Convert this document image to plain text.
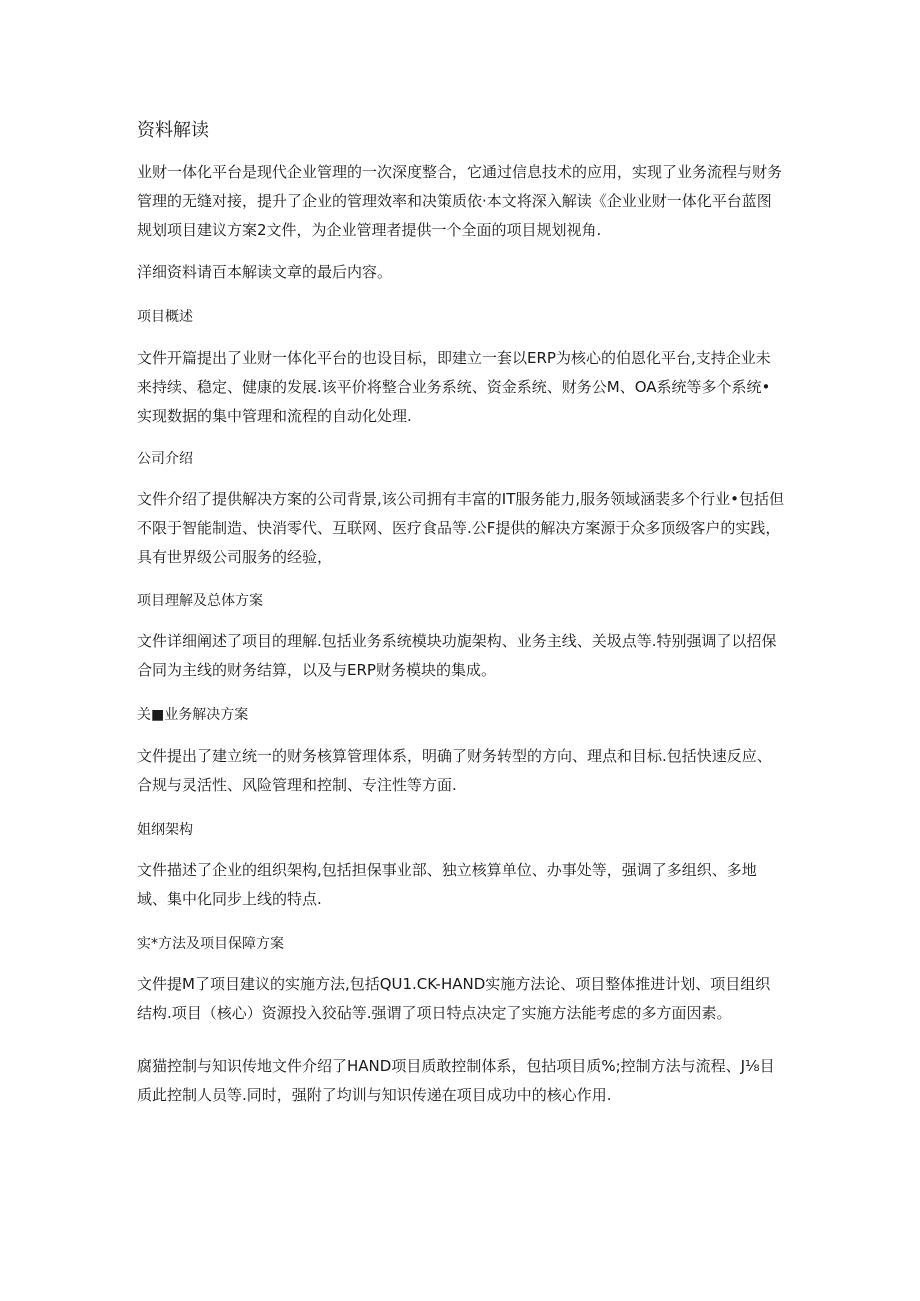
资料解读

业财一体化平台是现代企业管理的一次深度整合，它通过信息技术的应用，实现了业务流程与财务管理的无缝对接，提升了企业的管理效率和决策质依·本文将深入解读《企业业财一体化平台蓝图规划项目建议方案2文件，为企业管理者提供一个全面的项目规划视角.

洋细资料请百本解读文章的最后内容。

项目概述

文件开篇提出了业财一体化平台的也设目标，即建立一套以ERP为核心的伯恩化平台,支持企业未来持续、稳定、健康的发展.该平价将整合业务系统、资金系统、财务公M、OA系统等多个系统•实现数据的集中管理和流程的自动化处理.

公司介绍

文件介绍了提供解决方案的公司背景,该公司拥有丰富的IT服务能力,服务领域涵裴多个行业•包括但不限于智能制造、快消零代、互联网、医疗食品等.公F提供的解决方案源于众多顶级客户的实践，具有世界级公司服务的经验，

项目理解及总体方案

文件详细阐述了项目的理解.包括业务系统模块功旎架构、业务主线、关圾点等.特别强调了以招保合同为主线的财务结算，以及与ERP财务模块的集成。

关■业务解决方案

文件提出了建立统一的财务核算管理体系，明确了财务转型的方向、理点和目标.包括快速反应、合规与灵活性、风险管理和控制、专注性等方面.

姐纲架构

文件描述了企业的组织架构,包括担保事业部、独立核算单位、办事处等，强调了多组织、多地域、集中化同步上线的特点.

实*方法及项目保障方案

文件提M了项目建议的实施方法,包括QU1.CK-HAND实施方法论、项目整体推进计划、项目组织结构.项目（核心）资源投入狡砧等.强谓了项日特点决定了实施方法能考虑的多方面因素。

腐猫控制与知识传地文件介绍了HAND项目质敢控制体系，包拈项目质%;控制方法与流程、J⅛目质此控制人员等.同时，强附了均训与知识传递在项目成功中的核心作用.
